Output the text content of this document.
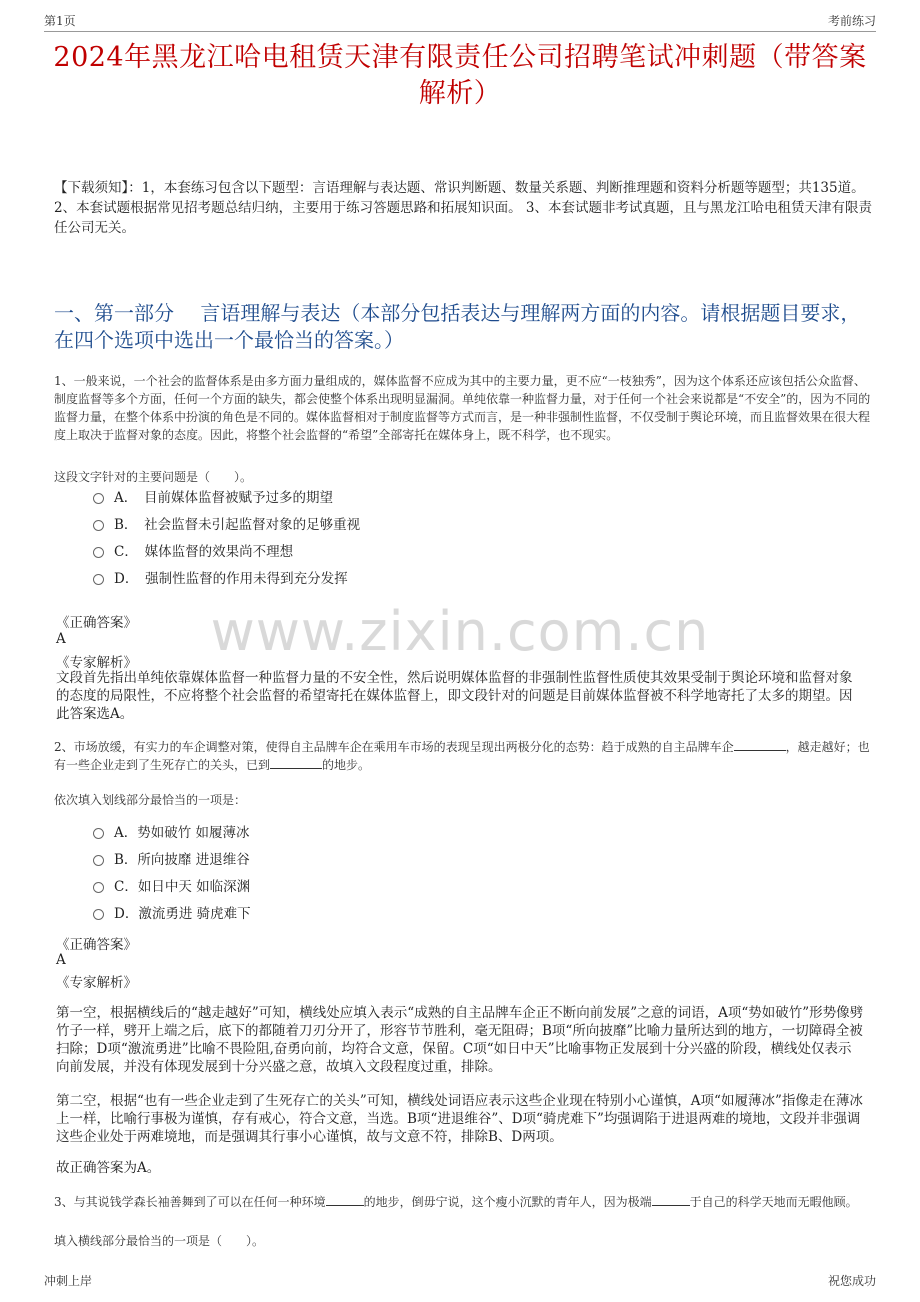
第1页	考前练习
2024年黑龙江哈电租赁天津有限责任公司招聘笔试冲刺题（带答案解析）
【下载须知】：1，本套练习包含以下题型：言语理解与表达题、常识判断题、数量关系题、判断推理题和资料分析题等题型；共135道。 2、本套试题根据常见招考题总结归纳，主要用于练习答题思路和拓展知识面。 3、本套试题非考试真题，且与黑龙江哈电租赁天津有限责任公司无关。
一、第一部分　 言语理解与表达（本部分包括表达与理解两方面的内容。请根据题目要求，在四个选项中选出一个最恰当的答案。）
1、一般来说，一个社会的监督体系是由多方面力量组成的，媒体监督不应成为其中的主要力量，更不应“一枝独秀”，因为这个体系还应该包括公众监督、制度监督等多个方面，任何一个方面的缺失，都会使整个体系出现明显漏洞。单纯依靠一种监督力量，对于任何一个社会来说都是“不安全”的，因为不同的监督力量，在整个体系中扮演的角色是不同的。媒体监督相对于制度监督等方式而言，是一种非强制性监督，不仅受制于舆论环境，而且监督效果在很大程度上取决于监督对象的态度。因此，将整个社会监督的“希望”全部寄托在媒体身上，既不科学，也不现实。
这段文字针对的主要问题是（　　）。
A．　目前媒体监督被赋予过多的期望
B．　社会监督未引起监督对象的足够重视
C．　媒体监督的效果尚不理想
D．　强制性监督的作用未得到充分发挥
《正确答案》
A
《专家解析》
文段首先指出单纯依靠媒体监督一种监督力量的不安全性，然后说明媒体监督的非强制性监督性质使其效果受制于舆论环境和监督对象的态度的局限性，不应将整个社会监督的希望寄托在媒体监督上，即文段针对的问题是目前媒体监督被不科学地寄托了太多的期望。因此答案选A。
www.zixin.com.cn
2、市场放缓，有实力的车企调整对策，使得自主品牌车企在乘用车市场的表现呈现出两极分化的态势：趋于成熟的自主品牌车企	，越走越好；也有一些企业走到了生死存亡的关头，已到	的地步。
依次填入划线部分最恰当的一项是：
A．势如破竹 如履薄冰
B．所向披靡 进退维谷
C．如日中天 如临深渊
D．激流勇进 骑虎难下
《正确答案》
A
《专家解析》
第一空，根据横线后的“越走越好”可知，横线处应填入表示“成熟的自主品牌车企正不断向前发展”之意的词语，A项“势如破竹”形势像劈竹子一样，劈开上端之后，底下的都随着刀刃分开了，形容节节胜利，毫无阻碍；B项“所向披靡”比喻力量所达到的地方，一切障碍全被扫除；D项“激流勇进”比喻不畏险阻,奋勇向前，均符合文意，保留。C项“如日中天”比喻事物正发展到十分兴盛的阶段，横线处仅表示向前发展，并没有体现发展到十分兴盛之意，故填入文段程度过重，排除。
第二空，根据“也有一些企业走到了生死存亡的关头”可知，横线处词语应表示这些企业现在特别小心谨慎，A项“如履薄冰”指像走在薄冰上一样，比喻行事极为谨慎，存有戒心，符合文意，当选。B项“进退维谷”、D项“骑虎难下”均强调陷于进退两难的境地，文段并非强调这些企业处于两难境地，而是强调其行事小心谨慎，故与文意不符，排除B、D两项。
故正确答案为A。
3、与其说钱学森长袖善舞到了可以在任何一种环境	的地步，倒毋宁说，这个瘦小沉默的青年人，因为极端	于自己的科学天地而无暇他顾。
填入横线部分最恰当的一项是（　　）。
冲刺上岸	祝您成功
